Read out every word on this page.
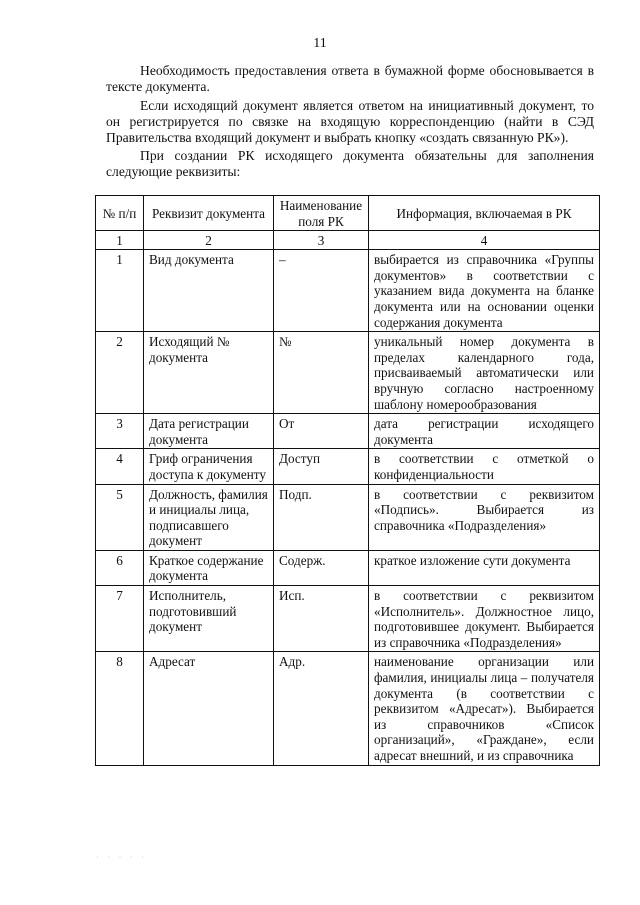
11
Необходимость предоставления ответа в бумажной форме обосновывается в тексте документа.
Если исходящий документ является ответом на инициативный документ, то он регистрируется по связке на входящую корреспонденцию (найти в СЭД Правительства входящий документ и выбрать кнопку «создать связанную РК»).
При создании РК исходящего документа обязательны для заполнения следующие реквизиты:
№ п/п	Реквизит документа	Наименование поля РК	Информация, включаемая в РК
1	2	3	4
1	Вид документа	–	выбирается из справочника «Группы документов» в соответствии с указанием вида документа на бланке документа или на основании оценки содержания документа
2	Исходящий № документа	№	уникальный номер документа в пределах календарного года, присваиваемый автоматически или вручную согласно настроенному шаблону номерообразования
3	Дата регистрации документа	От	дата регистрации исходящего документа
4	Гриф ограничения доступа к документу	Доступ	в соответствии с отметкой о конфиденциальности
5	Должность, фамилия и инициалы лица, подписавшего документ	Подп.	в соответствии с реквизитом «Подпись». Выбирается из справочника «Подразделения»
6	Краткое содержание документа	Содерж.	краткое изложение сути документа
7	Исполнитель, подготовивший документ	Исп.	в соответствии с реквизитом «Исполнитель». Должностное лицо, подготовившее документ. Выбирается из справочника «Подразделения»
8	Адресат	Адр.	наименование организации или фамилия, инициалы лица – получателя документа (в соответствии с реквизитом «Адресат»). Выбирается из справочников «Список организаций», «Граждане», если адресат внешний, и из справочника
· · · · ·
